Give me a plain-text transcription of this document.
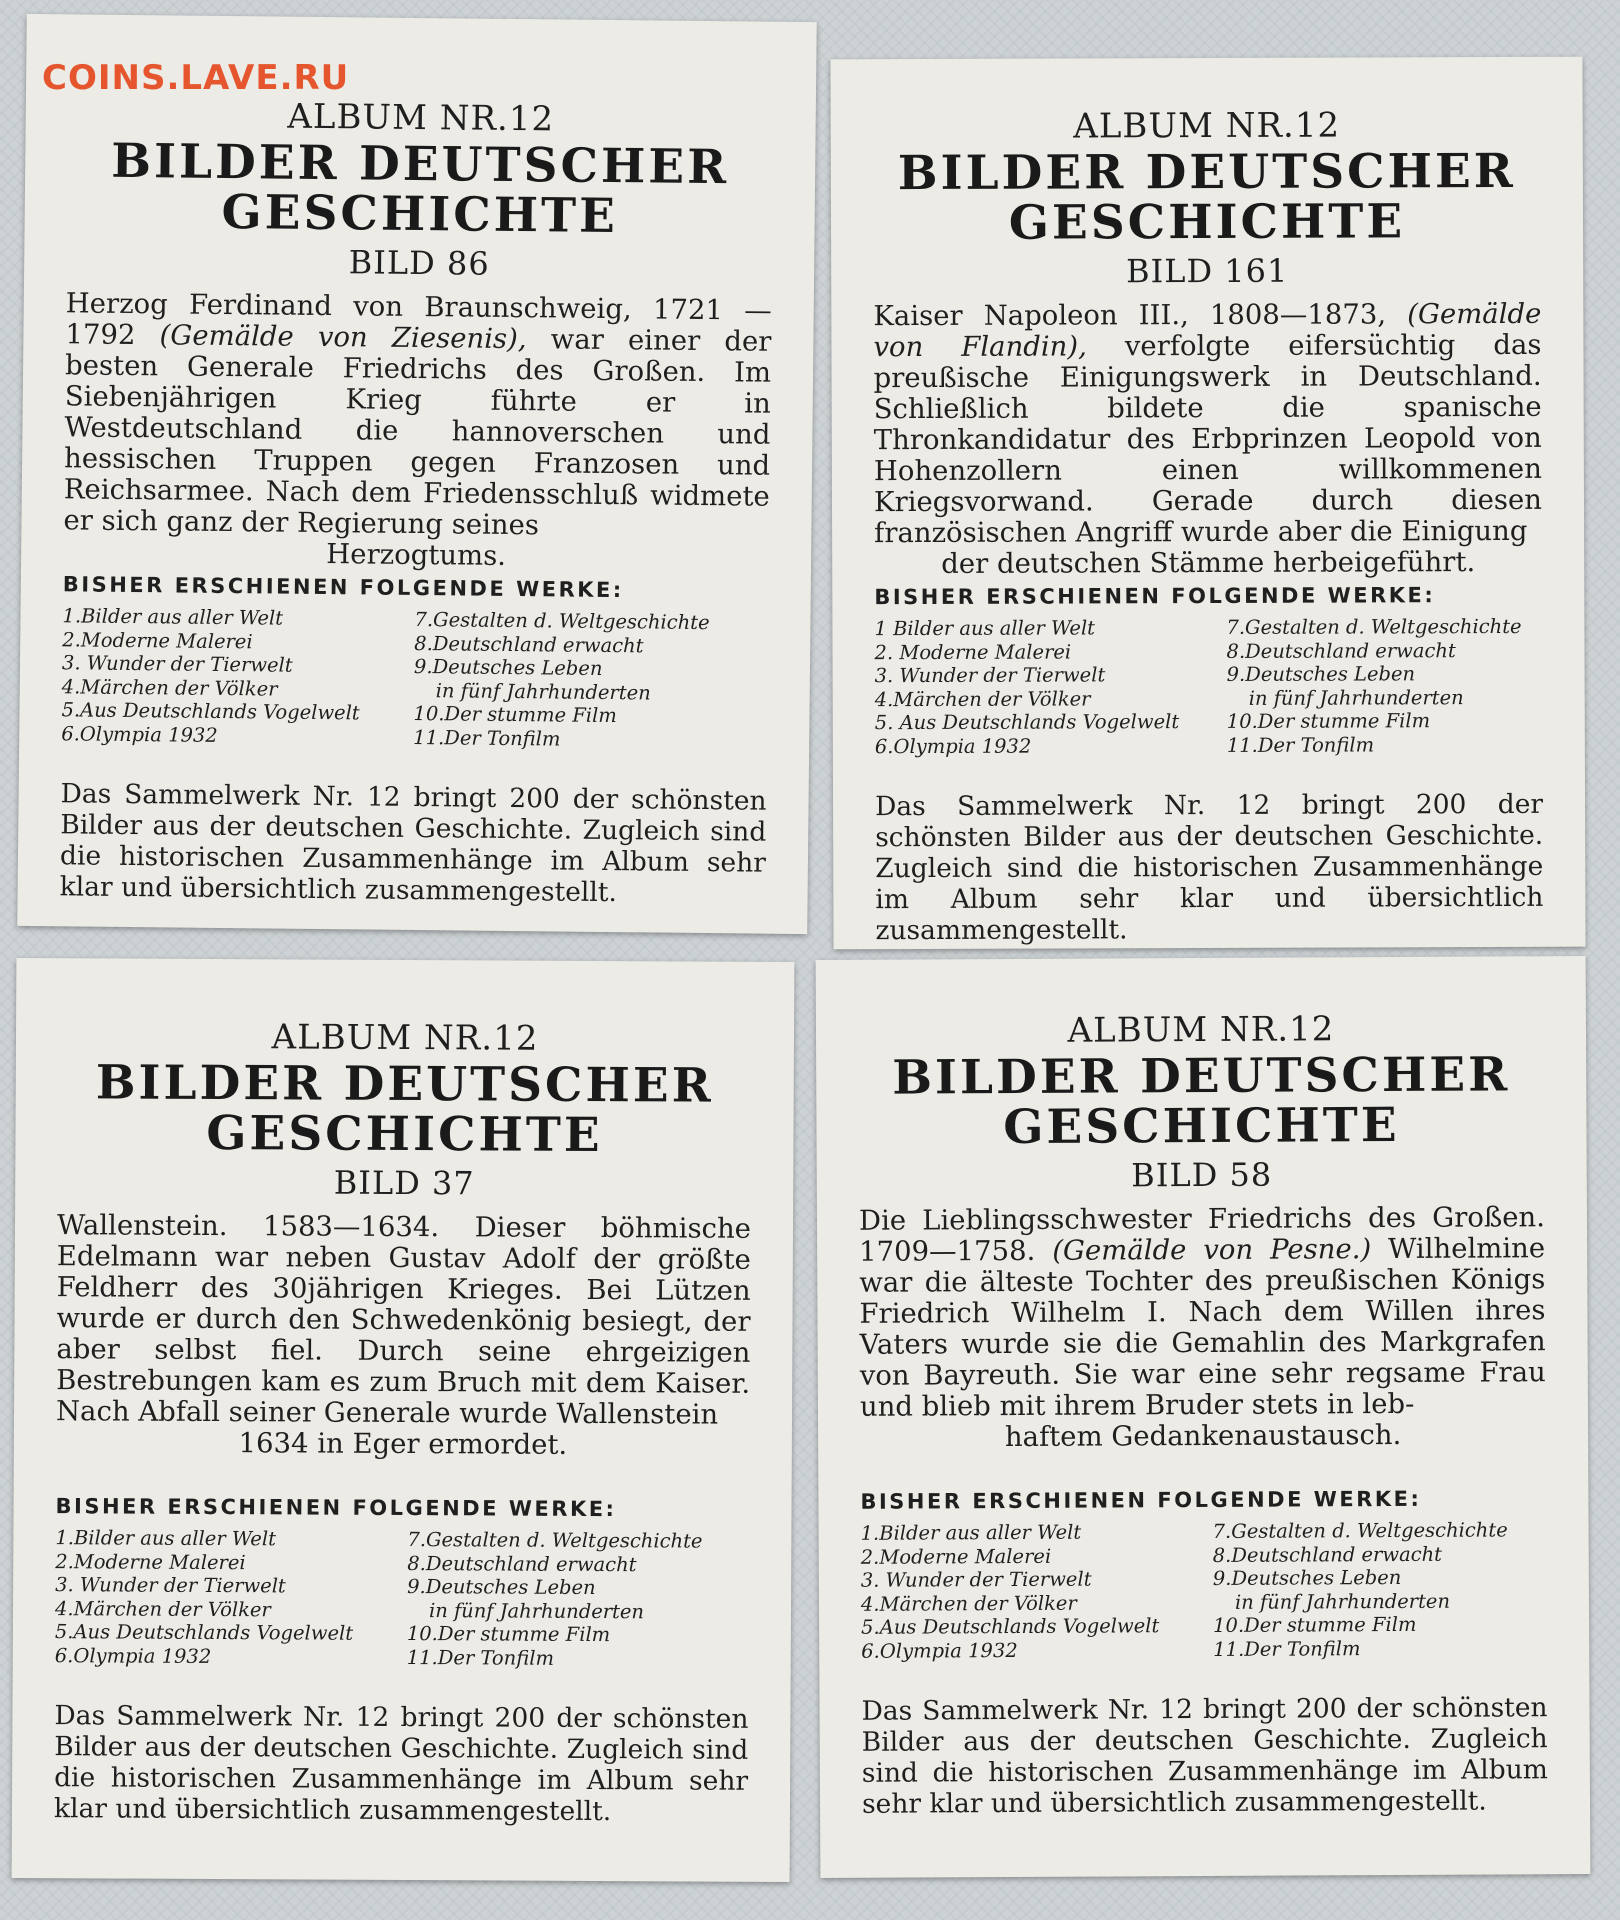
COINS.LAVE.RU
ALBUM NR.12
BILDER DEUTSCHER
GESCHICHTE
BILD 86
Herzog Ferdinand von Braunschweig, 1721 —1792 (Gemälde von Ziesenis), war einer der besten Generale Friedrichs des Großen. Im Siebenjährigen Krieg führte er in Westdeutschland die hannoverschen und hessischen Truppen gegen Franzosen und Reichsarmee. Nach dem Friedensschluß widmete er sich ganz der Regierung seines
Herzogtums.
BISHER ERSCHIENEN FOLGENDE WERKE:
1.Bilder aus aller Welt
2.Moderne Malerei
3. Wunder der Tierwelt
4.Märchen der Völker
5.Aus Deutschlands Vogelwelt
6.Olympia 1932
7.Gestalten d. Weltgeschichte
8.Deutschland erwacht
9.Deutsches Leben
in fünf Jahrhunderten
10.Der stumme Film
11.Der Tonfilm
Das Sammelwerk Nr. 12 bringt 200 der schönsten Bilder aus der deutschen Geschichte. Zugleich sind die historischen Zusammenhänge im Album sehr klar und übersichtlich zusammengestellt.
ALBUM NR.12
BILDER DEUTSCHER
GESCHICHTE
BILD 161
Kaiser Napoleon III., 1808—1873, (Gemälde von Flandin), verfolgte eifersüchtig das preußische Einigungswerk in Deutschland. Schließlich bildete die spanische Thronkandidatur des Erbprinzen Leopold von Hohenzollern einen willkommenen Kriegsvorwand. Gerade durch diesen französischen Angriff wurde aber die Einigung
der deutschen Stämme herbeigeführt.
BISHER ERSCHIENEN FOLGENDE WERKE:
1 Bilder aus aller Welt
2. Moderne Malerei
3. Wunder der Tierwelt
4.Märchen der Völker
5. Aus Deutschlands Vogelwelt
6.Olympia 1932
7.Gestalten d. Weltgeschichte
8.Deutschland erwacht
9.Deutsches Leben
in fünf Jahrhunderten
10.Der stumme Film
11.Der Tonfilm
Das Sammelwerk Nr. 12 bringt 200 der schönsten Bilder aus der deutschen Geschichte. Zugleich sind die historischen Zusammenhänge im Album sehr klar und übersichtlich zusammengestellt.
ALBUM NR.12
BILDER DEUTSCHER
GESCHICHTE
BILD 37
Wallenstein. 1583—1634. Dieser böhmische Edelmann war neben Gustav Adolf der größte Feldherr des 30jährigen Krieges. Bei Lützen wurde er durch den Schwedenkönig besiegt, der aber selbst fiel. Durch seine ehrgeizigen Bestrebungen kam es zum Bruch mit dem Kaiser. Nach Abfall seiner Generale wurde Wallenstein
1634 in Eger ermordet.
BISHER ERSCHIENEN FOLGENDE WERKE:
1.Bilder aus aller Welt
2.Moderne Malerei
3. Wunder der Tierwelt
4.Märchen der Völker
5.Aus Deutschlands Vogelwelt
6.Olympia 1932
7.Gestalten d. Weltgeschichte
8.Deutschland erwacht
9.Deutsches Leben
in fünf Jahrhunderten
10.Der stumme Film
11.Der Tonfilm
Das Sammelwerk Nr. 12 bringt 200 der schönsten Bilder aus der deutschen Geschichte. Zugleich sind die historischen Zusammenhänge im Album sehr klar und übersichtlich zusammengestellt.
ALBUM NR.12
BILDER DEUTSCHER
GESCHICHTE
BILD 58
Die Lieblingsschwester Friedrichs des Großen. 1709—1758. (Gemälde von Pesne.) Wilhelmine war die älteste Tochter des preußischen Königs Friedrich Wilhelm I. Nach dem Willen ihres Vaters wurde sie die Gemahlin des Markgrafen von Bayreuth. Sie war eine sehr regsame Frau und blieb mit ihrem Bruder stets in leb-
haftem Gedankenaustausch.
BISHER ERSCHIENEN FOLGENDE WERKE:
1.Bilder aus aller Welt
2.Moderne Malerei
3. Wunder der Tierwelt
4.Märchen der Völker
5.Aus Deutschlands Vogelwelt
6.Olympia 1932
7.Gestalten d. Weltgeschichte
8.Deutschland erwacht
9.Deutsches Leben
in fünf Jahrhunderten
10.Der stumme Film
11.Der Tonfilm
Das Sammelwerk Nr. 12 bringt 200 der schönsten Bilder aus der deutschen Geschichte. Zugleich sind die historischen Zusammenhänge im Album sehr klar und übersichtlich zusammengestellt.
